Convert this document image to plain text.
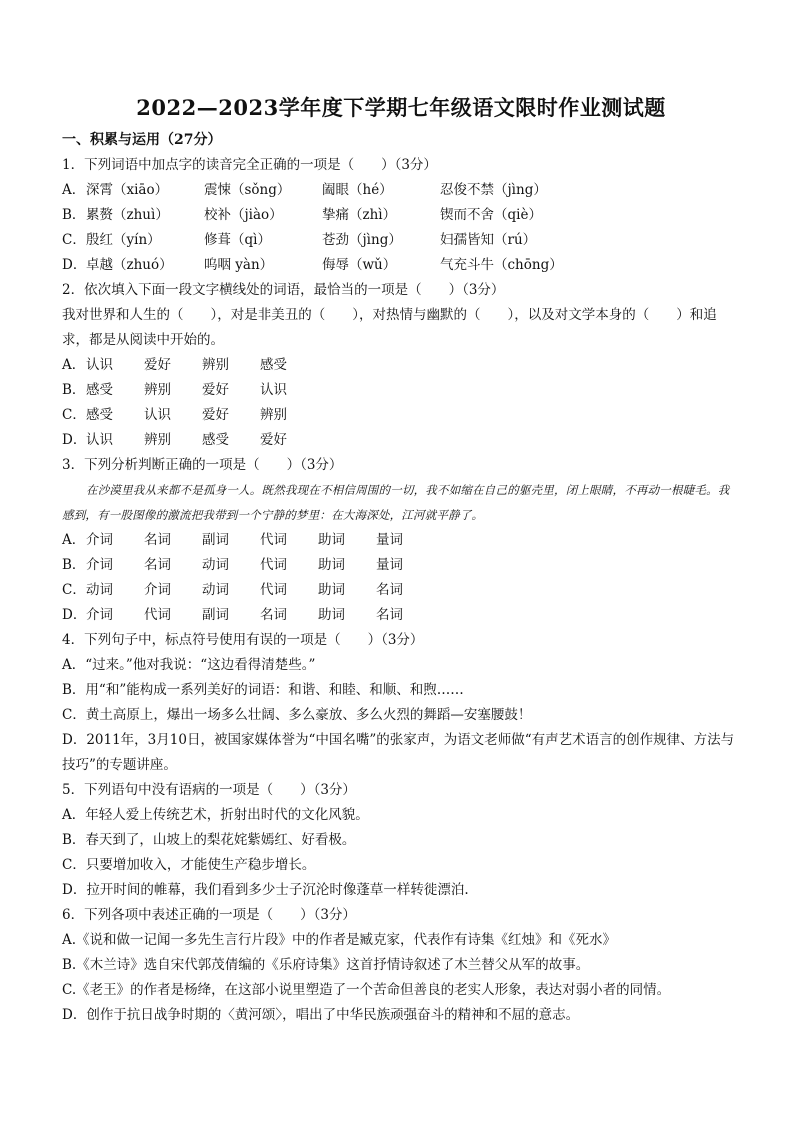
2022—2023学年度下学期七年级语文限时作业测试题
一、积累与运用（27分）
1．下列词语中加点字的读音完全正确的一项是（　　）（3分）
A． 深霄（xiāo）	震悚（sǒng）	阖眼（hé）	忍俊不禁（jìng）
B． 累赘（zhuì）	校补（jiào）	挚痛（zhì）	锲而不舍（qiè）
C． 殷红（yín）	修葺（qì）	苍劲（jìng）	妇孺皆知（rú）
D． 卓越（zhuó）	呜咽 yàn）	侮辱（wǔ）	气充斗牛（chōng）
2．依次填入下面一段文字横线处的词语，最恰当的一项是（　　）（3分）
我对世界和人生的（　　），对是非美丑的（　　），对热情与幽默的（　　），以及对文学本身的（　　）和追求，都是从阅读中开始的。
A． 认识	爱好	辨别	感受
B． 感受	辨别	爱好	认识
C． 感受	认识	爱好	辨别
D． 认识	辨别	感受	爱好
3．下列分析判断正确的一项是（　　）（3分）
在沙漠里我从来都不是孤身一人。既然我现在不相信周围的一切，我不如缩在自己的躯壳里，闭上眼睛，不再动一根睫毛。我感到，有一股图像的激流把我带到一个宁静的梦里：在大海深处，江河就平静了。
A． 介词	名词	副词	代词	助词	量词
B． 介词	名词	动词	代词	助词	量词
C． 动词	介词	动词	代词	助词	名词
D． 介词	代词	副词	名词	助词	名词
4．下列句子中，标点符号使用有误的一项是（　　）（3分）
A．“过来。”他对我说：“这边看得清楚些。”
B．用“和”能构成一系列美好的词语：和谐、和睦、和顺、和煦……
C．黄土高原上，爆出一场多么壮阔、多么豪放、多么火烈的舞蹈—安塞腰鼓！
D．2011年，3月10日，被国家媒体誉为“中国名嘴”的张家声，为语文老师做“有声艺术语言的创作规律、方法与技巧”的专题讲座。
5．下列语句中没有语病的一项是（　　）（3分）
A．年轻人爱上传统艺术，折射出时代的文化风貌。
B．春天到了，山坡上的梨花姹紫嫣红、好看极。
C．只要增加收入，才能使生产稳步增长。
D．拉开时间的帷幕，我们看到多少士子沉沦时像蓬草一样转徙漂泊.
6．下列各项中表述正确的一项是（　　）（3分）
A.《说和做一记闻一多先生言行片段》中的作者是臧克家，代表作有诗集《红烛》和《死水》
B.《木兰诗》选自宋代郭茂倩编的《乐府诗集》这首抒情诗叙述了木兰替父从军的故事。
C.《老王》的作者是杨绛，在这部小说里塑造了一个苦命但善良的老实人形象，表达对弱小者的同情。
D．创作于抗日战争时期的〈黄河颂〉，唱出了中华民族顽强奋斗的精神和不屈的意志。
